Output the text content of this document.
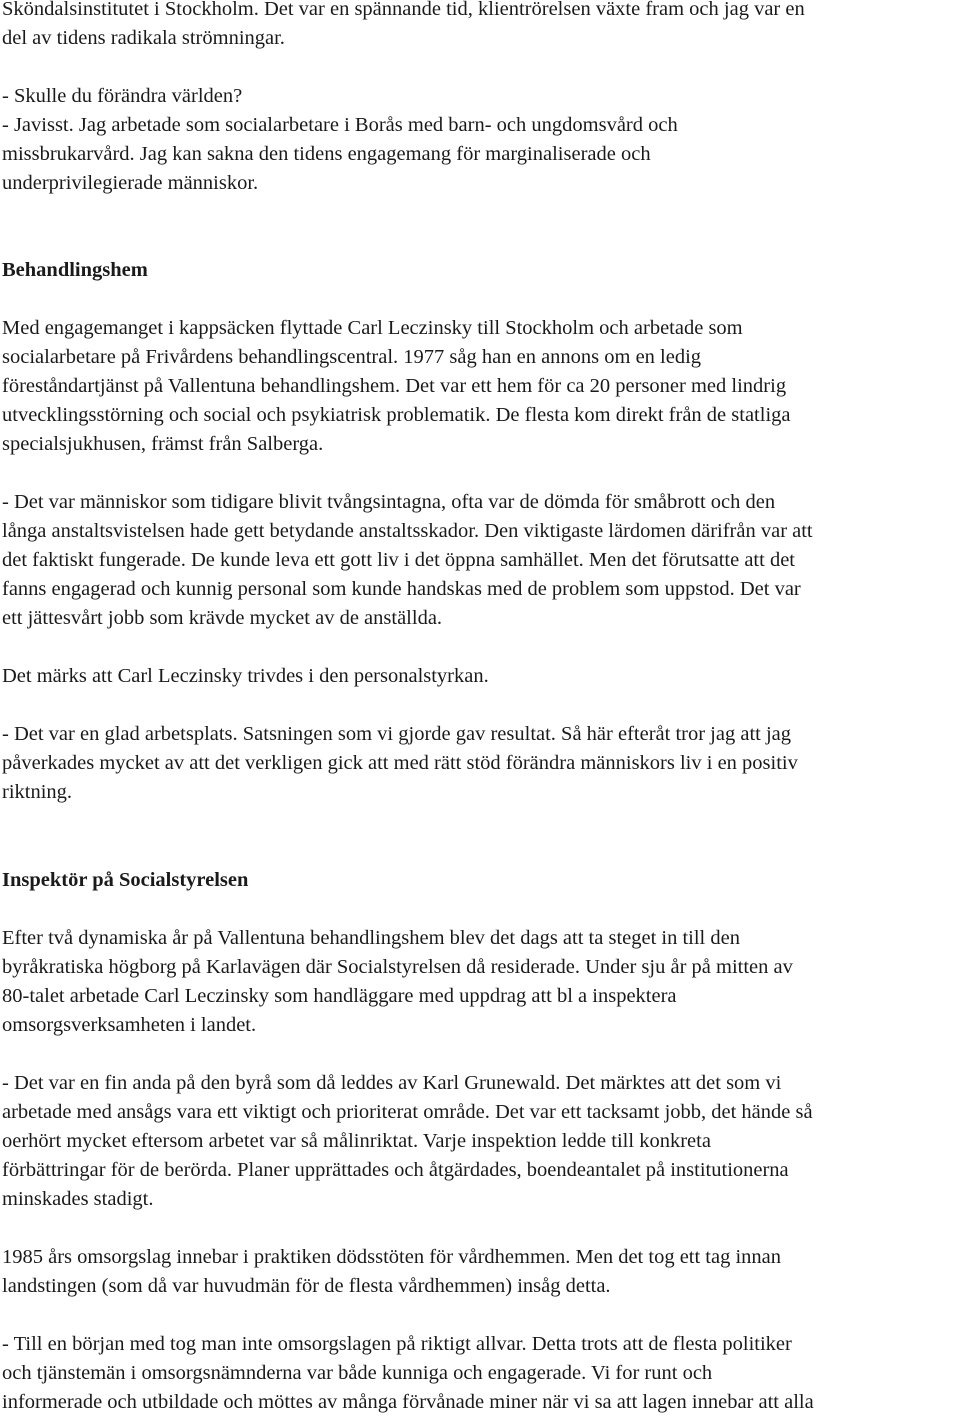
Sköndalsinstitutet i Stockholm. Det var en spännande tid, klientrörelsen växte fram och jag var en

del av tidens radikala strömningar.

- Skulle du förändra världen?

- Javisst. Jag arbetade som socialarbetare i Borås med barn- och ungdomsvård och

missbrukarvård. Jag kan sakna den tidens engagemang för marginaliserade och

underprivilegierade människor.

Behandlingshem

Med engagemanget i kappsäcken flyttade Carl Leczinsky till Stockholm och arbetade som

socialarbetare på Frivårdens behandlingscentral. 1977 såg han en annons om en ledig

föreståndartjänst på Vallentuna behandlingshem. Det var ett hem för ca 20 personer med lindrig

utvecklingsstörning och social och psykiatrisk problematik. De flesta kom direkt från de statliga

specialsjukhusen, främst från Salberga.

- Det var människor som tidigare blivit tvångsintagna, ofta var de dömda för småbrott och den

långa anstaltsvistelsen hade gett betydande anstaltsskador. Den viktigaste lärdomen därifrån var att

det faktiskt fungerade. De kunde leva ett gott liv i det öppna samhället. Men det förutsatte att det

fanns engagerad och kunnig personal som kunde handskas med de problem som uppstod. Det var

ett jättesvårt jobb som krävde mycket av de anställda.

Det märks att Carl Leczinsky trivdes i den personalstyrkan.

- Det var en glad arbetsplats. Satsningen som vi gjorde gav resultat. Så här efteråt tror jag att jag

påverkades mycket av att det verkligen gick att med rätt stöd förändra människors liv i en positiv

riktning.

Inspektör på Socialstyrelsen

Efter två dynamiska år på Vallentuna behandlingshem blev det dags att ta steget in till den

byråkratiska högborg på Karlavägen där Socialstyrelsen då residerade. Under sju år på mitten av

80-talet arbetade Carl Leczinsky som handläggare med uppdrag att bl a inspektera

omsorgsverksamheten i landet.

- Det var en fin anda på den byrå som då leddes av Karl Grunewald. Det märktes att det som vi

arbetade med ansågs vara ett viktigt och prioriterat område. Det var ett tacksamt jobb, det hände så

oerhört mycket eftersom arbetet var så målinriktat. Varje inspektion ledde till konkreta

förbättringar för de berörda. Planer upprättades och åtgärdades, boendeantalet på institutionerna

minskades stadigt.

1985 års omsorgslag innebar i praktiken dödsstöten för vårdhemmen. Men det tog ett tag innan

landstingen (som då var huvudmän för de flesta vårdhemmen) insåg detta.

- Till en början med tog man inte omsorgslagen på riktigt allvar. Detta trots att de flesta politiker

och tjänstemän i omsorgsnämnderna var både kunniga och engagerade. Vi for runt och

informerade och utbildade och möttes av många förvånade miner när vi sa att lagen innebar att alla
